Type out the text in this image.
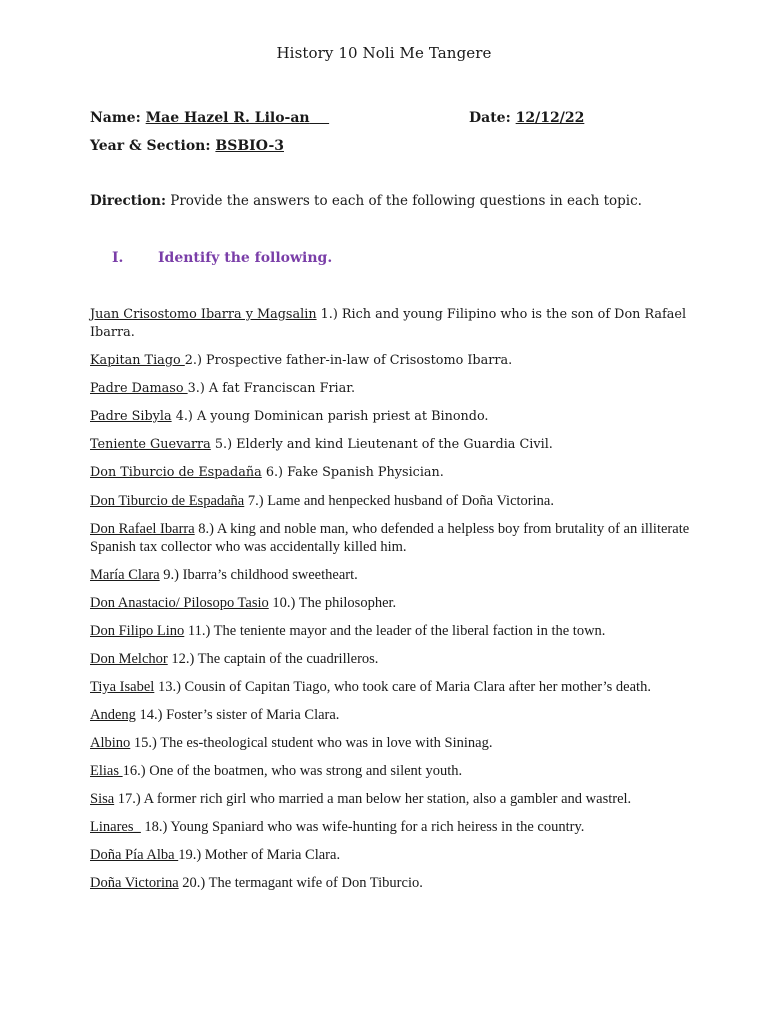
History 10 Noli Me Tangere
Name: Mae Hazel R. Lilo-an	Date: 12/12/22
Year & Section: BSBIO-3
Direction: Provide the answers to each of the following questions in each topic.
I. Identify the following.
Juan Crisostomo Ibarra y Magsalin 1.) Rich and young Filipino who is the son of Don Rafael Ibarra.
Kapitan Tiago 2.) Prospective father-in-law of Crisostomo Ibarra.
Padre Damaso 3.) A fat Franciscan Friar.
Padre Sibyla 4.) A young Dominican parish priest at Binondo.
Teniente Guevarra 5.) Elderly and kind Lieutenant of the Guardia Civil.
Don Tiburcio de Espadaña 6.) Fake Spanish Physician.
Don Tiburcio de Espadaña 7.) Lame and henpecked husband of Doña Victorina.
Don Rafael Ibarra 8.) A king and noble man, who defended a helpless boy from brutality of an illiterate Spanish tax collector who was accidentally killed him.
María Clara 9.) Ibarra’s childhood sweetheart.
Don Anastacio/ Pilosopo Tasio 10.) The philosopher.
Don Filipo Lino 11.) The teniente mayor and the leader of the liberal faction in the town.
Don Melchor 12.) The captain of the cuadrilleros.
Tiya Isabel 13.) Cousin of Capitan Tiago, who took care of Maria Clara after her mother’s death.
Andeng 14.) Foster’s sister of Maria Clara.
Albino 15.) The es-theological student who was in love with Sininag.
Elias 16.) One of the boatmen, who was strong and silent youth.
Sisa 17.) A former rich girl who married a man below her station, also a gambler and wastrel.
Linares_ 18.) Young Spaniard who was wife-hunting for a rich heiress in the country.
Doña Pía Alba 19.) Mother of Maria Clara.
Doña Victorina 20.) The termagant wife of Don Tiburcio.
